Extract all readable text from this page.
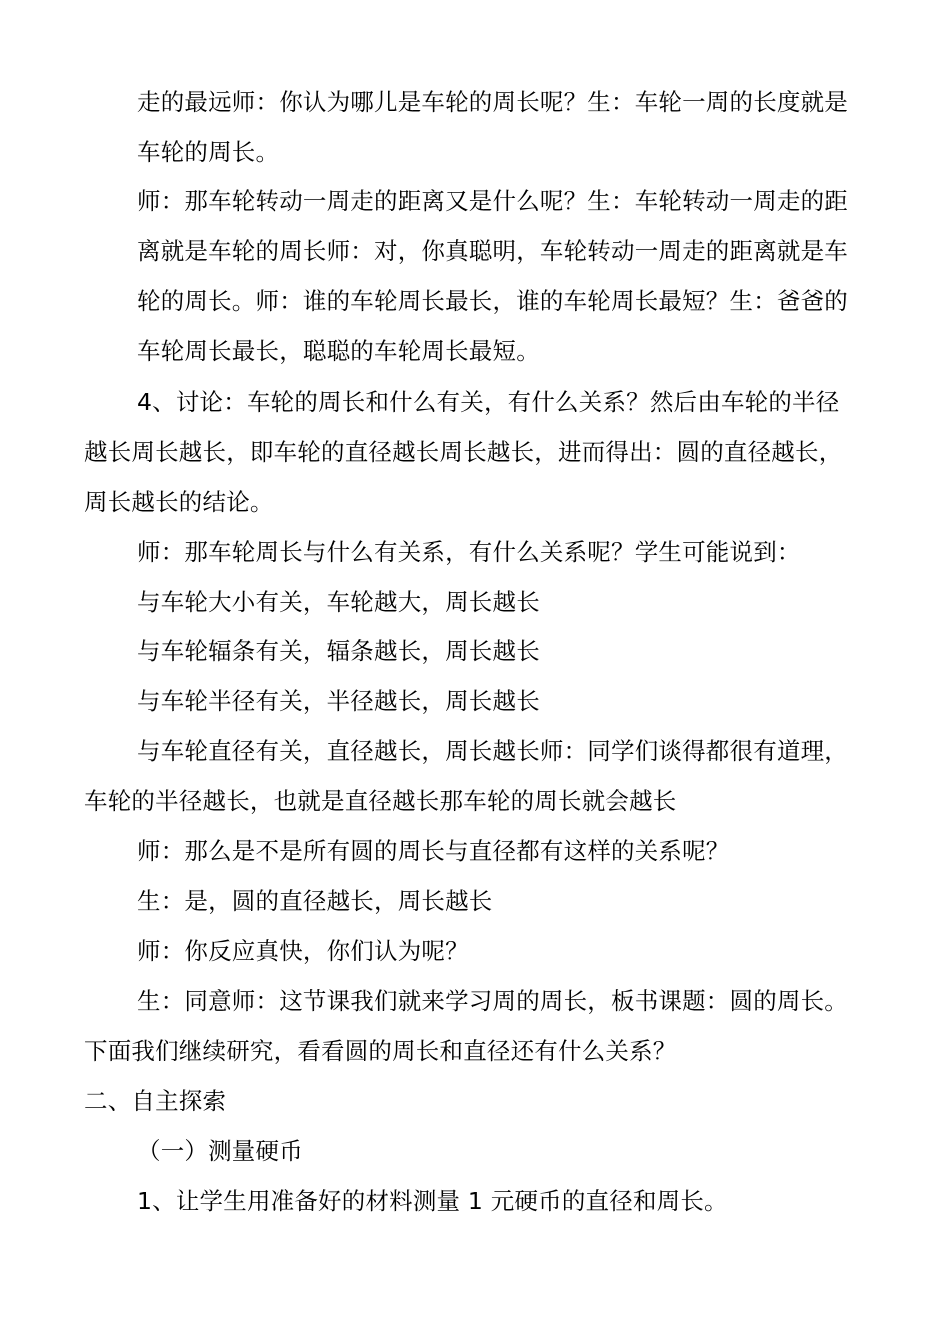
走的最远师：你认为哪儿是车轮的周长呢？生：车轮一周的长度就是
车轮的周长。
师：那车轮转动一周走的距离又是什么呢？生：车轮转动一周走的距
离就是车轮的周长师：对，你真聪明，车轮转动一周走的距离就是车
轮的周长。师：谁的车轮周长最长，谁的车轮周长最短？生：爸爸的
车轮周长最长，聪聪的车轮周长最短。
4、讨论：车轮的周长和什么有关，有什么关系？然后由车轮的半径
越长周长越长，即车轮的直径越长周长越长，进而得出：圆的直径越长，
周长越长的结论。
师：那车轮周长与什么有关系，有什么关系呢？学生可能说到：
与车轮大小有关，车轮越大，周长越长
与车轮辐条有关，辐条越长，周长越长
与车轮半径有关，半径越长，周长越长
与车轮直径有关，直径越长，周长越长师：同学们谈得都很有道理，
车轮的半径越长，也就是直径越长那车轮的周长就会越长
师：那么是不是所有圆的周长与直径都有这样的关系呢？
生：是，圆的直径越长，周长越长
师：你反应真快，你们认为呢？
生：同意师：这节课我们就来学习周的周长，板书课题：圆的周长。
下面我们继续研究，看看圆的周长和直径还有什么关系？
二、自主探索
（一）测量硬币
1、让学生用准备好的材料测量 1 元硬币的直径和周长。
